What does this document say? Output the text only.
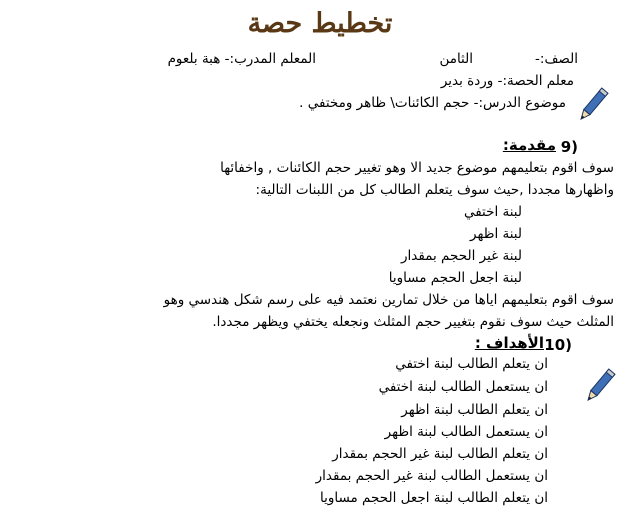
تخطيط حصة
الصف:-
الثامن
المعلم المدرب:- هبة بلعوم
معلم الحصة:- وردة بدير
موضوع الدرس:- حجم الكائنات\ ظاهر ومختفي .
9)
مقدمة:
سوف اقوم بتعليمهم موضوع جديد الا وهو تغيير حجم الكائنات , واخفائها
واظهارها مجددا ,حيث سوف يتعلم الطالب كل من اللبنات التالية:
لبنة اختفي
لبنة اظهر
لبنة غير الحجم بمقدار
لبنة اجعل الحجم مساويا
سوف اقوم بتعليمهم اياها من خلال تمارين نعتمد فيه على رسم شكل هندسي وهو
المثلث حيث سوف نقوم بتغيير حجم المثلث ونجعله يختفي ويظهر مجددا.
10)
الأهداف :
ان يتعلم الطالب لبنة اختفي
ان يستعمل الطالب لبنة اختفي
ان يتعلم الطالب لبنة اظهر
ان يستعمل الطالب لبنة اظهر
ان يتعلم الطالب لبنة غير الحجم بمقدار
ان يستعمل الطالب لبنة غير الحجم بمقدار
ان يتعلم الطالب لبنة اجعل الحجم مساويا
